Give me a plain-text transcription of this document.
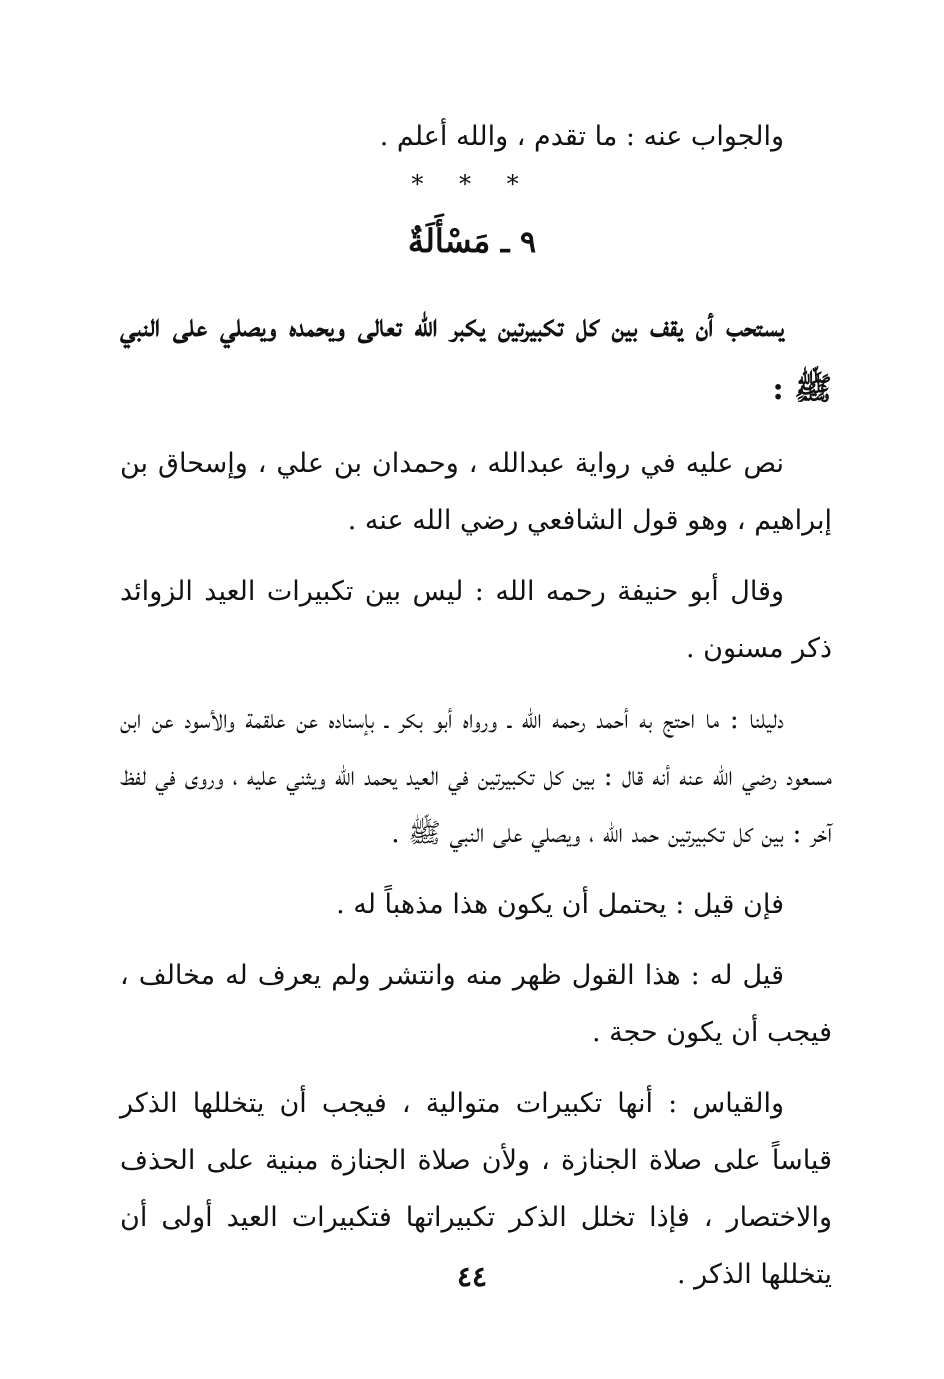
والجواب عنه : ما تقدم ، والله أعلم .

* * *
٩ ـ مَسْأَلَةٌ

يستحب أن يقف بين كل تكبيرتين يكبر الله تعالى ويحمده ويصلي على النبي ﷺ :

نص عليه في رواية عبدالله ، وحمدان بن علي ، وإسحاق بن إبراهيم ، وهو قول الشافعي رضي الله عنه .

وقال أبو حنيفة رحمه الله : ليس بين تكبيرات العيد الزوائد ذكر مسنون .

دليلنا : ما احتج به أحمد رحمه الله ـ ورواه أبو بكر ـ بإسناده عن علقمة والأسود عن ابن مسعود رضي الله عنه أنه قال : بين كل تكبيرتين في العيد يحمد الله ويثني عليه ، وروى في لفظ آخر : بين كل تكبيرتين حمد الله ، ويصلي على النبي ﷺ .

فإن قيل : يحتمل أن يكون هذا مذهباً له .

قيل له : هذا القول ظهر منه وانتشر ولم يعرف له مخالف ، فيجب أن يكون حجة .

والقياس : أنها تكبيرات متوالية ، فيجب أن يتخللها الذكر قياساً على صلاة الجنازة ، ولأن صلاة الجنازة مبنية على الحذف والاختصار ، فإذا تخلل الذكر تكبيراتها فتكبيرات العيد أولى أن يتخللها الذكر .

٤٤
